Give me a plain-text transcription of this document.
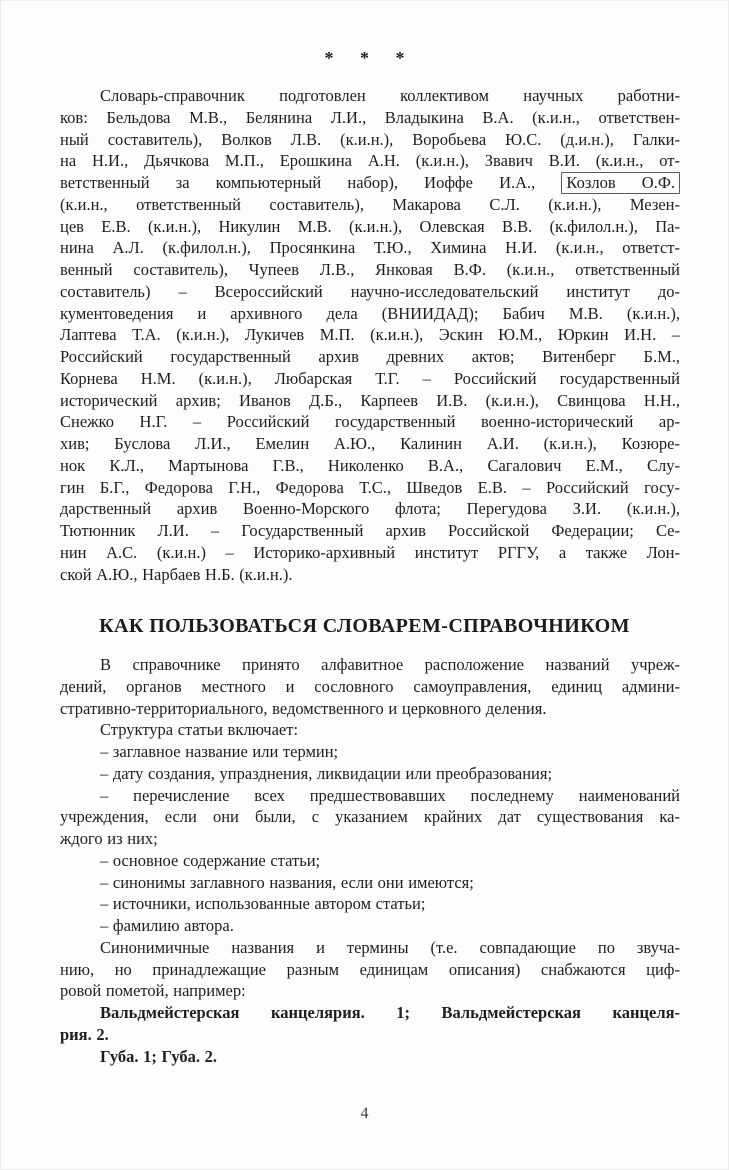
* * *
Словарь-справочник подготовлен коллективом научных работни-
ков: Бельдова М.В., Белянина Л.И., Владыкина В.А. (к.и.н., ответствен-
ный составитель), Волков Л.В. (к.и.н.), Воробьева Ю.С. (д.и.н.), Галки-
на Н.И., Дьячкова М.П., Ерошкина А.Н. (к.и.н.), Звавич В.И. (к.и.н., от-
ветственный за компьютерный набор), Иоффе И.А., Козлов О.Ф.
(к.и.н., ответственный составитель), Макарова С.Л. (к.и.н.), Мезен-
цев Е.В. (к.и.н.), Никулин М.В. (к.и.н.), Олевская В.В. (к.филол.н.), Па-
нина А.Л. (к.филол.н.), Просянкина Т.Ю., Химина Н.И. (к.и.н., ответст-
венный составитель), Чупеев Л.В., Янковая В.Ф. (к.и.н., ответственный
составитель) – Всероссийский научно-исследовательский институт до-
кументоведения и архивного дела (ВНИИДАД); Бабич М.В. (к.и.н.),
Лаптева Т.А. (к.и.н.), Лукичев М.П. (к.и.н.), Эскин Ю.М., Юркин И.Н. –
Российский государственный архив древних актов; Витенберг Б.М.,
Корнева Н.М. (к.и.н.), Любарская Т.Г. – Российский государственный
исторический архив; Иванов Д.Б., Карпеев И.В. (к.и.н.), Свинцова Н.Н.,
Снежко Н.Г. – Российский государственный военно-исторический ар-
хив; Буслова Л.И., Емелин А.Ю., Калинин А.И. (к.и.н.), Козюре-
нок К.Л., Мартынова Г.В., Николенко В.А., Сагалович Е.М., Слу-
гин Б.Г., Федорова Г.Н., Федорова Т.С., Шведов Е.В. – Российский госу-
дарственный архив Военно-Морского флота; Перегудова З.И. (к.и.н.),
Тютюнник Л.И. – Государственный архив Российской Федерации; Се-
нин А.С. (к.и.н.) – Историко-архивный институт РГГУ, а также Лон-
ской А.Ю., Нарбаев Н.Б. (к.и.н.).
КАК ПОЛЬЗОВАТЬСЯ СЛОВАРЕМ-СПРАВОЧНИКОМ
В справочнике принято алфавитное расположение названий учреж-
дений, органов местного и сословного самоуправления, единиц админи-
стративно-территориального, ведомственного и церковного деления.
Структура статьи включает:
– заглавное название или термин;
– дату создания, упразднения, ликвидации или преобразования;
– перечисление всех предшествовавших последнему наименований
учреждения, если они были, с указанием крайних дат существования ка-
ждого из них;
– основное содержание статьи;
– синонимы заглавного названия, если они имеются;
– источники, использованные автором статьи;
– фамилию автора.
Синонимичные названия и термины (т.е. совпадающие по звуча-
нию, но принадлежащие разным единицам описания) снабжаются циф-
ровой пометой, например:
Вальдмейстерская канцелярия. 1; Вальдмейстерская канцеля-
рия. 2.
Губа. 1; Губа. 2.
4
